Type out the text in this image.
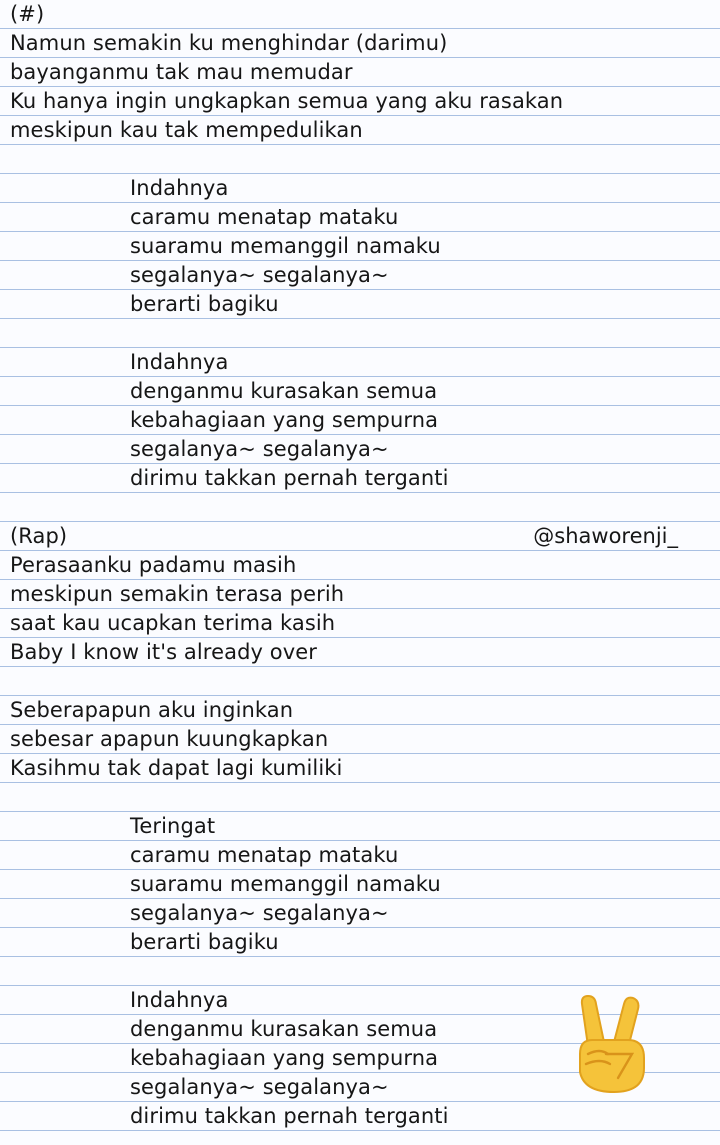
(#)
Namun semakin ku menghindar (darimu)
bayanganmu tak mau memudar
Ku hanya ingin ungkapkan semua yang aku rasakan
meskipun kau tak mempedulikan
Indahnya
caramu menatap mataku
suaramu memanggil namaku
segalanya~ segalanya~
berarti bagiku
Indahnya
denganmu kurasakan semua
kebahagiaan yang sempurna
segalanya~ segalanya~
dirimu takkan pernah terganti
(Rap)	@shaworenji_
Perasaanku padamu masih
meskipun semakin terasa perih
saat kau ucapkan terima kasih
Baby I know it's already over
Seberapapun aku inginkan
sebesar apapun kuungkapkan
Kasihmu tak dapat lagi kumiliki
Teringat
caramu menatap mataku
suaramu memanggil namaku
segalanya~ segalanya~
berarti bagiku
Indahnya
denganmu kurasakan semua
kebahagiaan yang sempurna
segalanya~ segalanya~
dirimu takkan pernah terganti
